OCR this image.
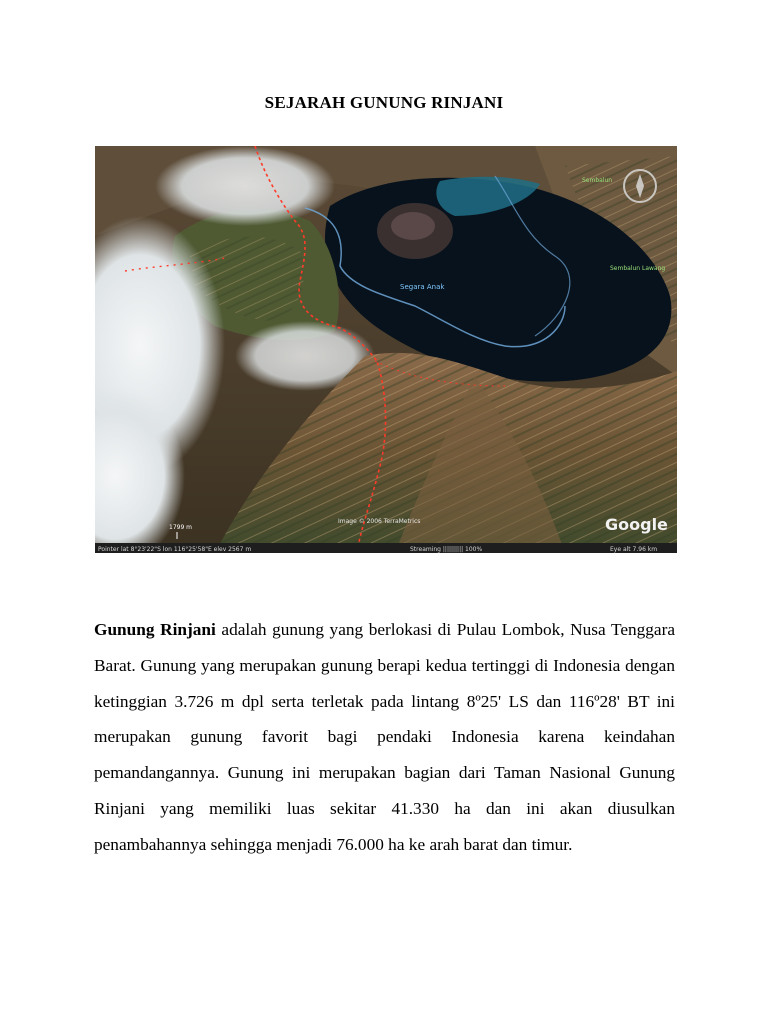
SEJARAH GUNUNG RINJANI
Segara Anak
Sembalun
Sembalun Lawang
Image © 2006 TerraMetrics	Google
1799 m
Pointer lat 8°23'22"S lon 116°25'58"E elev 2567 m	Streaming |||||||||| 100%	Eye alt 7.96 km

Gunung Rinjani adalah gunung yang berlokasi di Pulau Lombok, Nusa Tenggara Barat. Gunung yang merupakan gunung berapi kedua tertinggi di Indonesia dengan ketinggian 3.726 m dpl serta terletak pada lintang 8º25' LS dan 116º28' BT ini merupakan gunung favorit bagi pendaki Indonesia karena keindahan pemandangannya. Gunung ini merupakan bagian dari Taman Nasional Gunung Rinjani yang memiliki luas sekitar 41.330 ha dan ini akan diusulkan penambahannya sehingga menjadi 76.000 ha ke arah barat dan timur.
